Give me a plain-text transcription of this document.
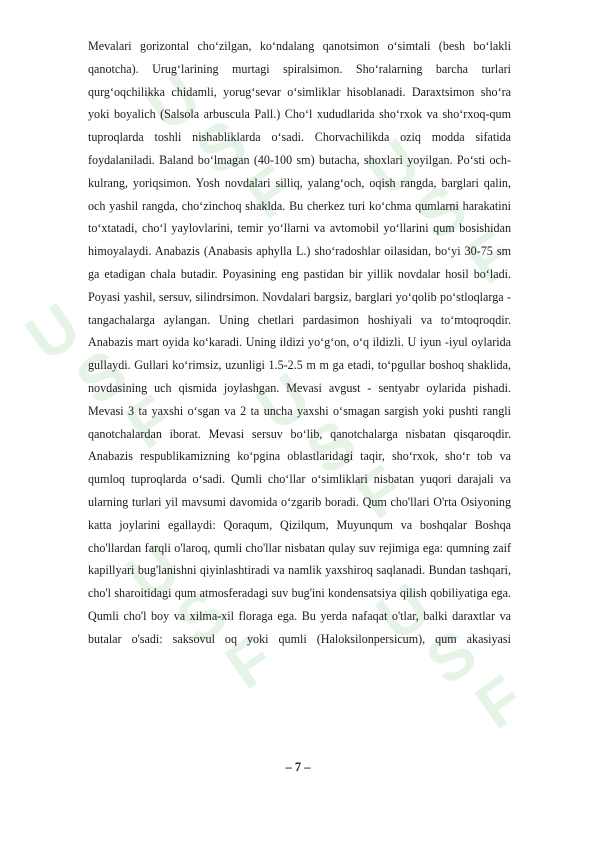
U
S
F U
S
F
U
S
F U
S
F
U
S
F
U
S
F

Mevalari gorizontal cho‘zilgan, ko‘ndalang qanotsimon o‘simtali (besh bo‘lakli qanotcha). Urug‘larining murtagi spiralsimon. Sho‘ralarning barcha turlari qurg‘oqchilikka chidamli, yorug‘sevar o‘simliklar hisoblanadi. Daraxtsimon sho‘ra yoki boyalich (Salsola arbuscula Pall.) Cho‘l xududlarida sho‘rxok va sho‘rxoq-qum tuproqlarda toshli nishabliklarda o‘sadi. Chorvachilikda oziq modda sifatida foydalaniladi. Baland bo‘lmagan (40-100 sm) butacha, shoxlari yoyilgan. Po‘sti och-kulrang, yoriqsimon. Yosh novdalari silliq, yalang‘och, oqish rangda, barglari qalin, och yashil rangda, cho‘zinchoq shaklda. Bu cherkez turi ko‘chma qumlarni harakatini to‘xtatadi, cho‘l yaylovlarini, temir yo‘llarni va avtomobil yo‘llarini qum bosishidan himoyalaydi. Anabazis (Anabasis aphylla L.) sho‘radoshlar oilasidan, bo‘yi 30-75 sm ga etadigan chala butadir. Poyasining eng pastidan bir yillik novdalar hosil bo‘ladi. Poyasi yashil, sersuv, silindrsimon. Novdalari bargsiz, barglari yo‘qolib po‘stloqlarga -tangachalarga aylangan. Uning chetlari pardasimon hoshiyali va to‘mtoqroqdir. Anabazis mart oyida ko‘karadi. Uning ildizi yo‘g‘on, o‘q ildizli. U iyun -iyul oylarida gullaydi. Gullari ko‘rimsiz, uzunligi 1.5-2.5 m m ga etadi, to‘pgullar boshoq shaklida, novdasining uch qismida joylashgan. Mevasi avgust - sentyabr oylarida pishadi. Mevasi 3 ta yaxshi o‘sgan va 2 ta uncha yaxshi o‘smagan sargish yoki pushti rangli qanotchalardan iborat. Mevasi sersuv bo‘lib, qanotchalarga nisbatan qisqaroqdir. Anabazis respublikamizning ko‘pgina oblastlaridagi taqir, sho‘rxok, sho‘r tob va qumloq tuproqlarda o‘sadi. Qumli cho‘llar o‘simliklari nisbatan yuqori darajali va ularning turlari yil mavsumi davomida o‘zgarib boradi. Qum cho'llari O'rta Osiyoning katta joylarini egallaydi: Qoraqum, Qizilqum, Muyunqum va boshqalar Boshqa cho'llardan farqli o'laroq, qumli cho'llar nisbatan qulay suv rejimiga ega: qumning zaif kapillyari bug'lanishni qiyinlashtiradi va namlik yaxshiroq saqlanadi. Bundan tashqari, cho'l sharoitidagi qum atmosferadagi suv bug'ini kondensatsiya qilish qobiliyatiga ega. Qumli cho'l boy va xilma-xil floraga ega. Bu yerda nafaqat o'tlar, balki daraxtlar va butalar o'sadi: saksovul oq yoki qumli (Haloksilonpersicum), qum akasiyasi

– 7 –
